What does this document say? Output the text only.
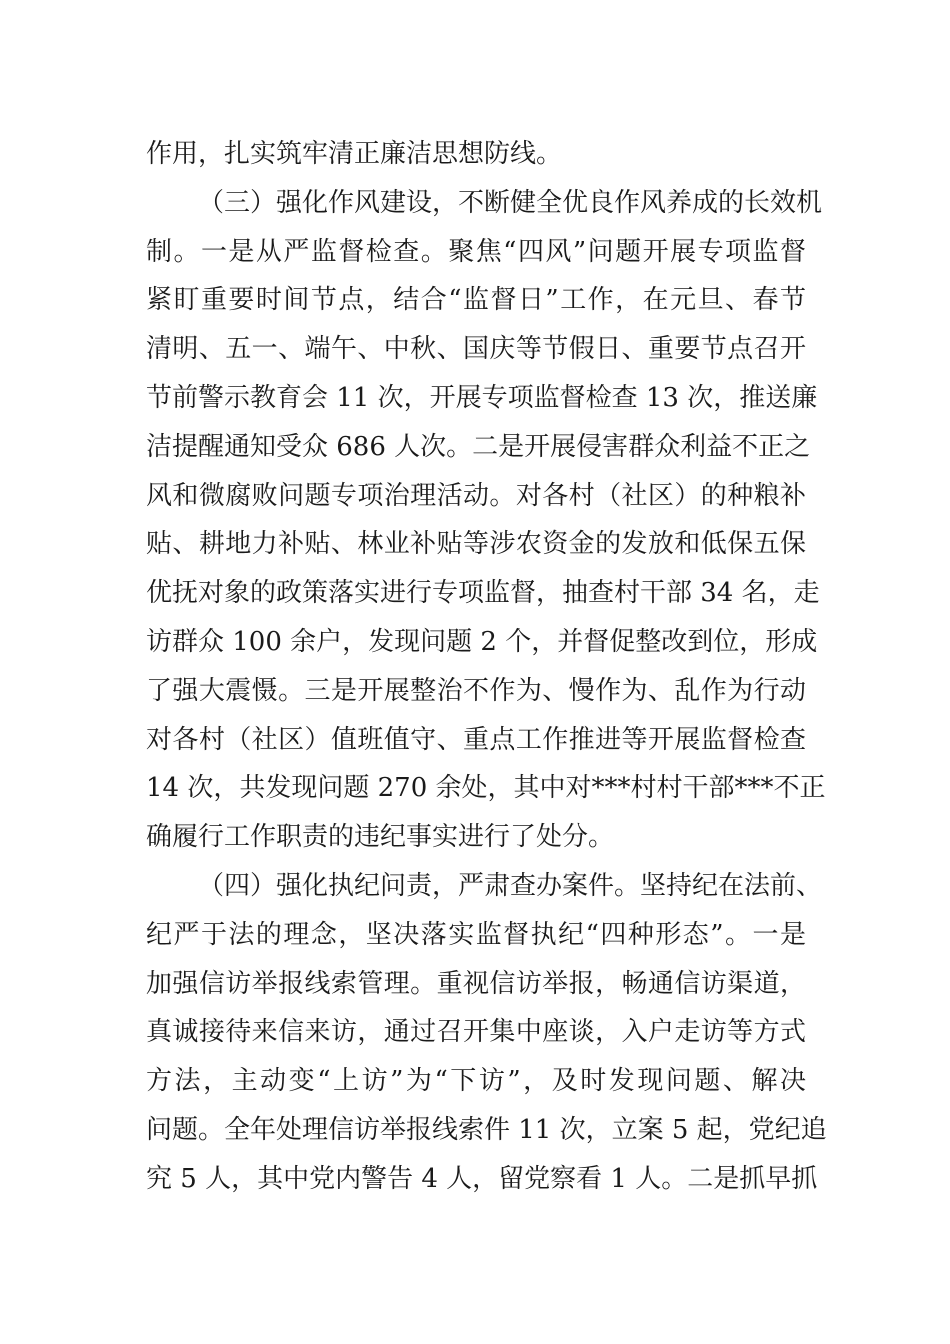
作用，扎实筑牢清正廉洁思想防线。
（三）强化作风建设，不断健全优良作风养成的长效机
制。一是从严监督检查。聚焦“四风”问题开展专项监督
紧盯重要时间节点，结合“监督日”工作，在元旦、春节
清明、五一、端午、中秋、国庆等节假日、重要节点召开
节前警示教育会 11 次，开展专项监督检查 13 次，推送廉
洁提醒通知受众 686 人次。二是开展侵害群众利益不正之
风和微腐败问题专项治理活动。对各村（社区）的种粮补
贴、耕地力补贴、林业补贴等涉农资金的发放和低保五保
优抚对象的政策落实进行专项监督，抽查村干部 34 名，走
访群众 100 余户，发现问题 2 个，并督促整改到位，形成
了强大震慑。三是开展整治不作为、慢作为、乱作为行动
对各村（社区）值班值守、重点工作推进等开展监督检查
14 次，共发现问题 270 余处，其中对***村村干部***不正
确履行工作职责的违纪事实进行了处分。
（四）强化执纪问责，严肃查办案件。坚持纪在法前、
纪严于法的理念，坚决落实监督执纪“四种形态”。一是
加强信访举报线索管理。重视信访举报，畅通信访渠道，
真诚接待来信来访，通过召开集中座谈，入户走访等方式
方法，主动变“上访”为“下访”，及时发现问题、解决
问题。全年处理信访举报线索件 11 次，立案 5 起，党纪追
究 5 人，其中党内警告 4 人，留党察看 1 人。二是抓早抓
